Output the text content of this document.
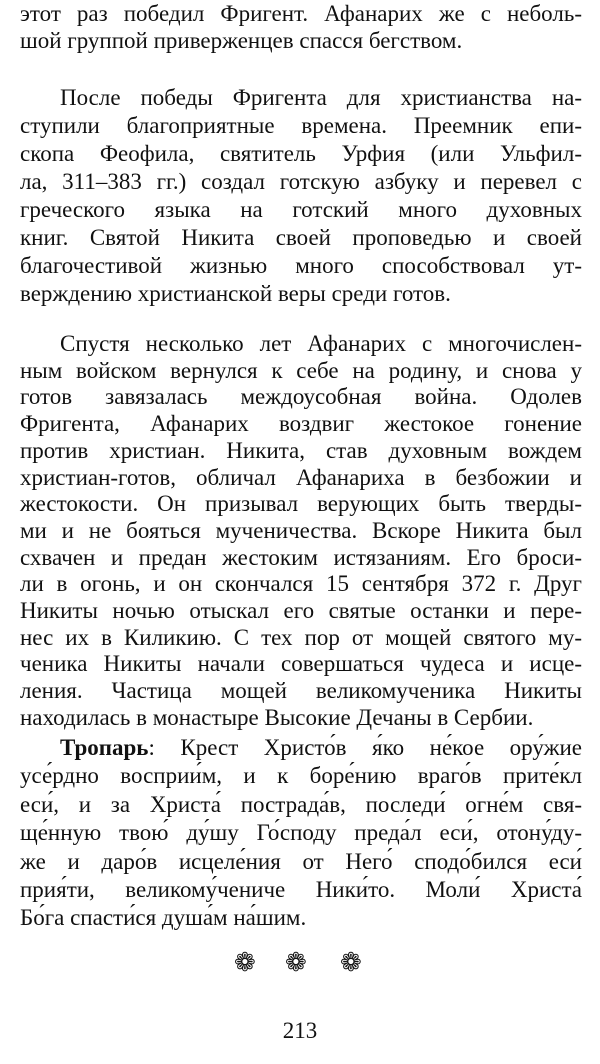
этот раз победил Фригент. Афанарих же с неболь-
шой группой приверженцев спасся бегством.
После победы Фригента для христианства на-
ступили благоприятные времена. Преемник епи-
скопа Феофила, святитель Урфия (или Ульфил-
ла, 311–383 гг.) создал готскую азбуку и перевел с
греческого языка на готский много духовных
книг. Святой Никита своей проповедью и своей
благочестивой жизнью много способствовал ут-
верждению христианской веры среди готов.
Спустя несколько лет Афанарих с многочислен-
ным войском вернулся к себе на родину, и снова у
готов завязалась междоусобная война. Одолев
Фригента, Афанарих воздвиг жестокое гонение
против христиан. Никита, став духовным вождем
христиан-готов, обличал Афанариха в безбожии и
жестокости. Он призывал верующих быть тверды-
ми и не бояться мученичества. Вскоре Никита был
схвачен и предан жестоким истязаниям. Его броси-
ли в огонь, и он скончался 15 сентября 372 г. Друг
Никиты ночью отыскал его святые останки и пере-
нес их в Киликию. С тех пор от мощей святого му-
ченика Никиты начали совершаться чудеса и исце-
ления. Частица мощей великомученика Никиты
находилась в монастыре Высокие Дечаны в Сербии.
Тропарь: Крест Христо́в я́ко не́кое ору́жие
усе́рдно восприи́м, и к боре́нию враго́в прите́кл
еси́, и за Христа́ пострада́в, последи́ огне́м свя-
ще́нную твою́ ду́шу Го́споду преда́л еси́, отону́ду-
же и даро́в исцеле́ния от Него́ сподо́бился еси́
прия́ти, великому́чениче Ники́то. Моли́ Христа́
Бо́га спасти́ся душа́м на́шим.
❁ ❁ ❁
213
